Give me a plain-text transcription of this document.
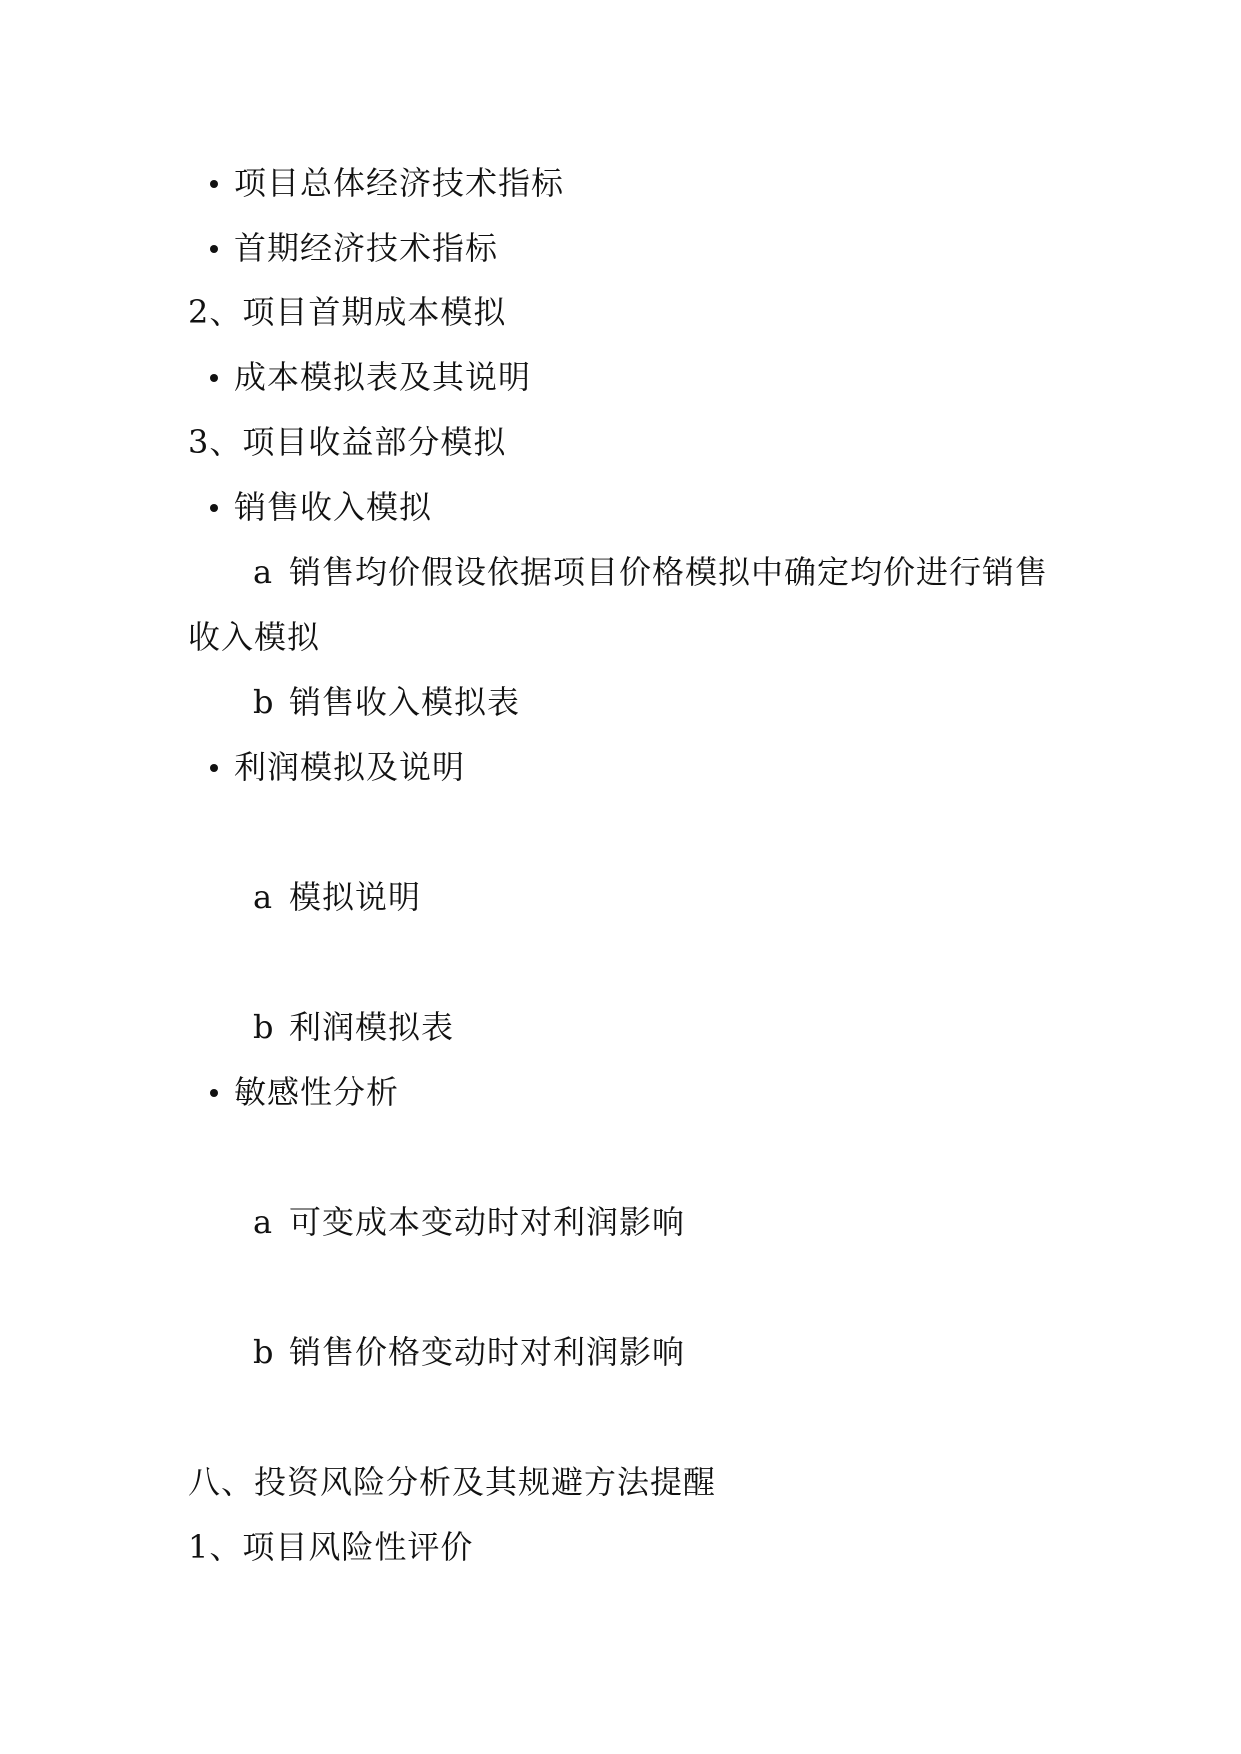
项目总体经济技术指标
首期经济技术指标
2、项目首期成本模拟
成本模拟表及其说明
3、项目收益部分模拟
销售收入模拟
a 销售均价假设依据项目价格模拟中确定均价进行销售
收入模拟
b 销售收入模拟表
利润模拟及说明
a 模拟说明
b 利润模拟表
敏感性分析
a 可变成本变动时对利润影响
b 销售价格变动时对利润影响
八、投资风险分析及其规避方法提醒
1、项目风险性评价
